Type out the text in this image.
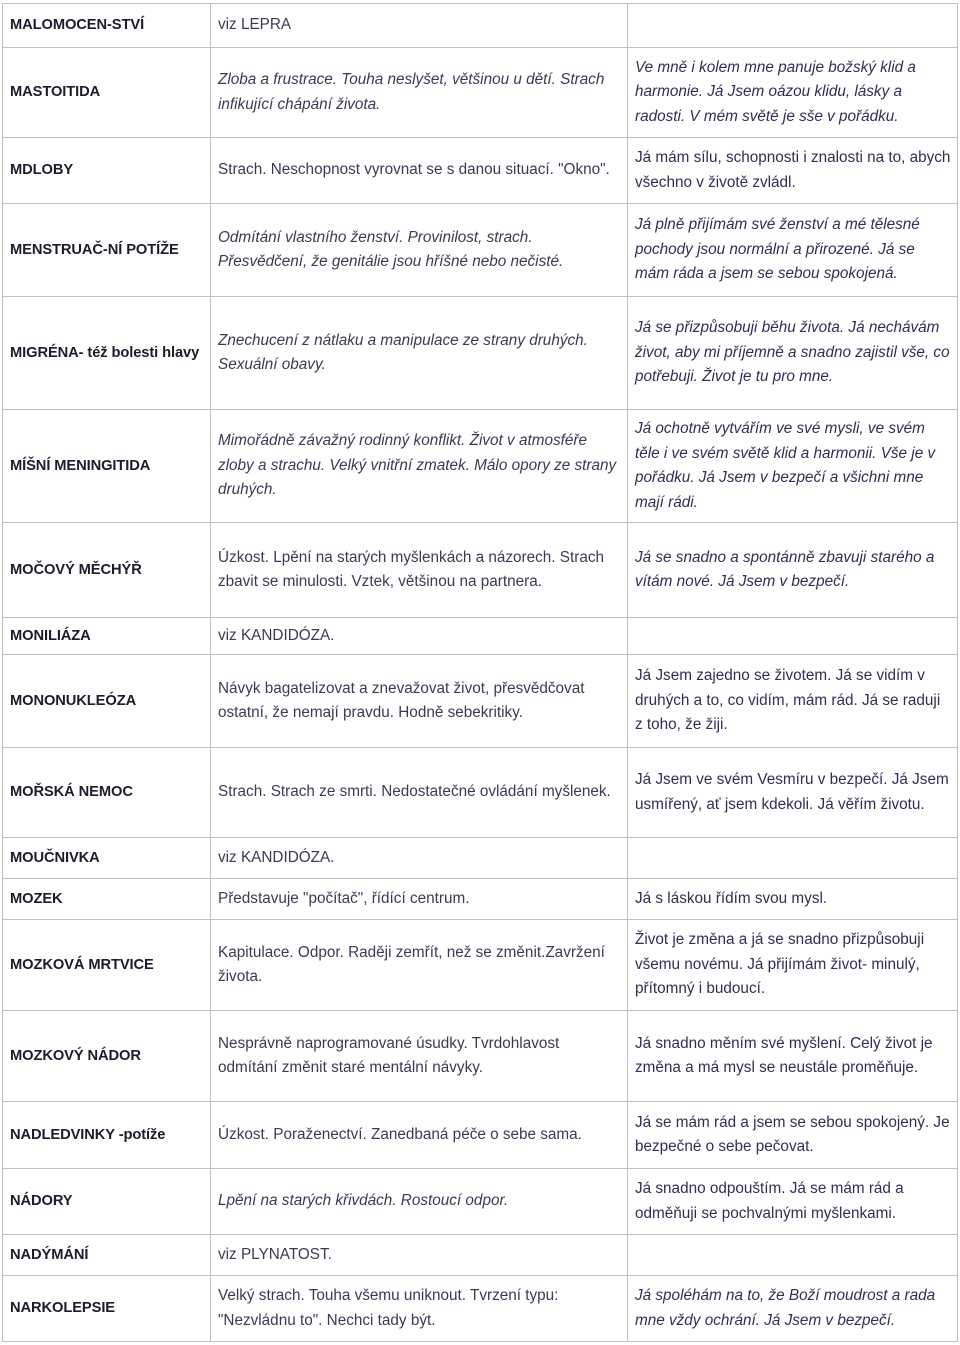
MALOMOCEN-STVÍ	viz LEPRA	
MASTOITIDA	Zloba a frustrace. Touha neslyšet, většinou u dětí. Strach infikující chápání života.	Ve mně i kolem mne panuje božský klid a harmonie. Já Jsem oázou klidu, lásky a radosti. V mém světě je sše v pořádku.
MDLOBY	Strach. Neschopnost vyrovnat se s danou situací. "Okno".	Já mám sílu, schopnosti i znalosti na to, abych všechno v životě zvládl.
MENSTRUAČ-NÍ POTÍŽE	Odmítání vlastního ženství. Provinilost, strach. Přesvědčení, že genitálie jsou hříšné nebo nečisté.	Já plně přijímám své ženství a mé tělesné pochody jsou normální a přirozené. Já se mám ráda a jsem se sebou spokojená.
MIGRÉNA- též bolesti hlavy	Znechucení z nátlaku a manipulace ze strany druhých. Sexuální obavy.	Já se přizpůsobuji běhu života. Já nechávám život, aby mi příjemně a snadno zajistil vše, co potřebuji. Život je tu pro mne.
MÍŠNÍ MENINGITIDA	Mimořádně závažný rodinný konflikt. Život v atmosféře zloby a strachu. Velký vnitřní zmatek. Málo opory ze strany druhých.	Já ochotně vytvářím ve své mysli, ve svém těle i ve svém světě klid a harmonii. Vše je v pořádku. Já Jsem v bezpečí a všichni mne mají rádi.
MOČOVÝ MĚCHÝŘ	Úzkost. Lpění na starých myšlenkách a názorech. Strach zbavit se minulosti. Vztek, většinou na partnera.	Já se snadno a spontánně zbavuji starého a vítám nové. Já Jsem v bezpečí.
MONILIÁZA	viz KANDIDÓZA.	
MONONUKLEÓZA	Návyk bagatelizovat a znevažovat život, přesvědčovat ostatní, že nemají pravdu. Hodně sebekritiky.	Já Jsem zajedno se životem. Já se vidím v druhých a to, co vidím, mám rád. Já se raduji z toho, že žiji.
MOŘSKÁ NEMOC	Strach. Strach ze smrti. Nedostatečné ovládání myšlenek.	Já Jsem ve svém Vesmíru v bezpečí. Já Jsem usmířený, ať jsem kdekoli. Já věřím životu.
MOUČNIVKA	viz KANDIDÓZA.	
MOZEK	Představuje "počítač", řídící centrum.	Já s láskou řídím svou mysl.
MOZKOVÁ MRTVICE	Kapitulace. Odpor. Raději zemřít, než se změnit.Zavržení života.	Život je změna a já se snadno přizpůsobuji všemu novému. Já přijímám život- minulý, přítomný i budoucí.
MOZKOVÝ NÁDOR	Nesprávně naprogramované úsudky. Tvrdohlavost odmítání změnit staré mentální návyky.	Já snadno měním své myšlení. Celý život je změna a má mysl se neustále proměňuje.
NADLEDVINKY -potíže	Úzkost. Poraženectví. Zanedbaná péče o sebe sama.	Já se mám rád a jsem se sebou spokojený. Je bezpečné o sebe pečovat.
NÁDORY	Lpění na starých křivdách. Rostoucí odpor.	Já snadno odpouštím. Já se mám rád a odměňuji se pochvalnými myšlenkami.
NADÝMÁNÍ	viz PLYNATOST.	
NARKOLEPSIE	Velký strach. Touha všemu uniknout. Tvrzení typu: "Nezvládnu to". Nechci tady být.	Já spoléhám na to, že Boží moudrost a rada mne vždy ochrání. Já Jsem v bezpečí.
